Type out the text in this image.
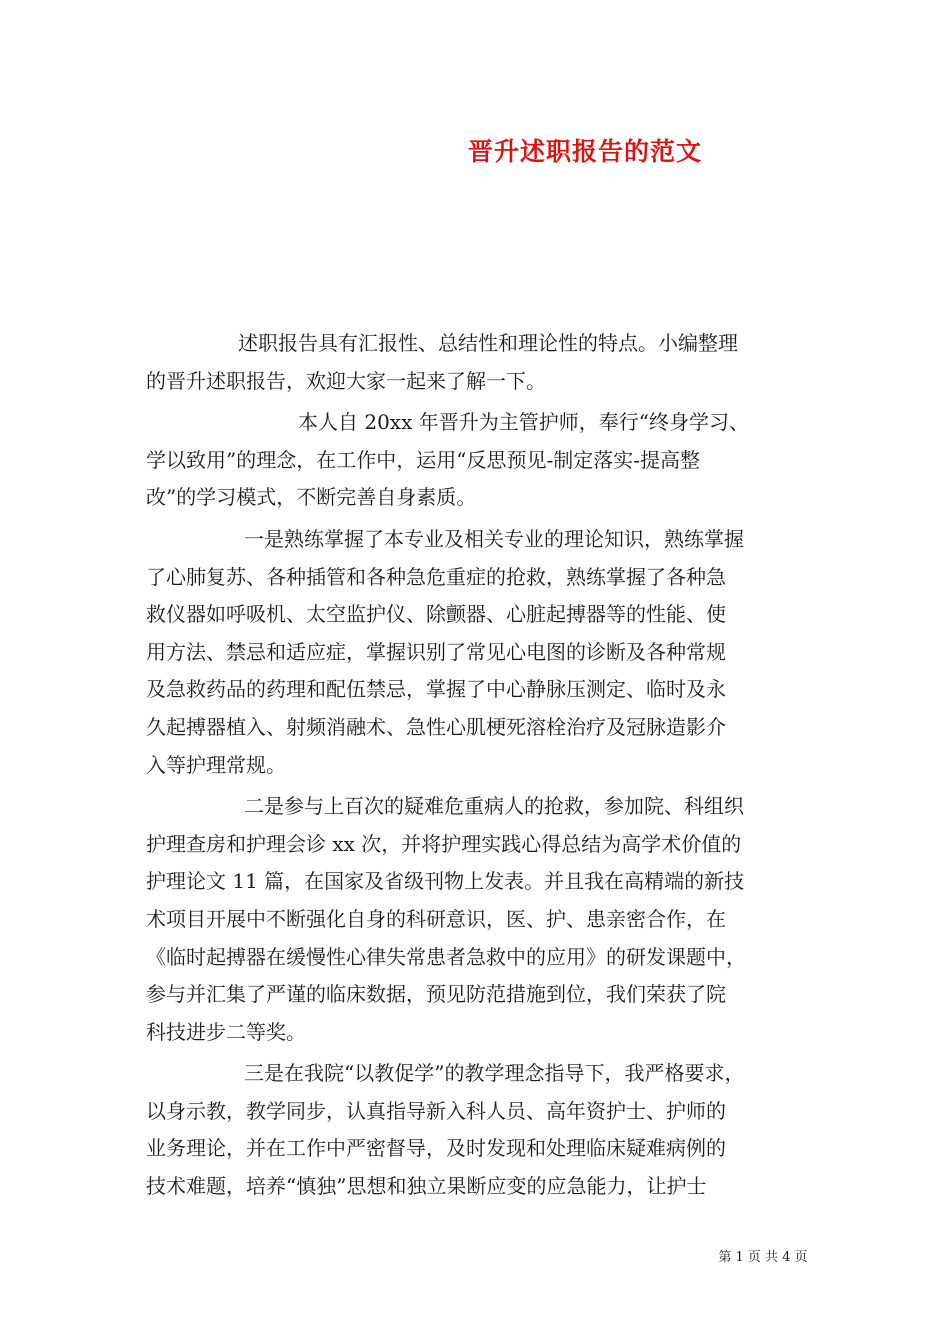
晋升述职报告的范文
述职报告具有汇报性、总结性和理论性的特点。小编整理
的晋升述职报告，欢迎大家一起来了解一下。
本人自 20xx 年晋升为主管护师，奉行“终身学习、
学以致用”的理念，在工作中，运用“反思预见-制定落实-提高整
改”的学习模式，不断完善自身素质。
一是熟练掌握了本专业及相关专业的理论知识，熟练掌握
了心肺复苏、各种插管和各种急危重症的抢救，熟练掌握了各种急
救仪器如呼吸机、太空监护仪、除颤器、心脏起搏器等的性能、使
用方法、禁忌和适应症，掌握识别了常见心电图的诊断及各种常规
及急救药品的药理和配伍禁忌，掌握了中心静脉压测定、临时及永
久起搏器植入、射频消融术、急性心肌梗死溶栓治疗及冠脉造影介
入等护理常规。
二是参与上百次的疑难危重病人的抢救，参加院、科组织
护理查房和护理会诊 xx 次，并将护理实践心得总结为高学术价值的
护理论文 11 篇，在国家及省级刊物上发表。并且我在高精端的新技
术项目开展中不断强化自身的科研意识，医、护、患亲密合作，在
《临时起搏器在缓慢性心律失常患者急救中的应用》的研发课题中，
参与并汇集了严谨的临床数据，预见防范措施到位，我们荣获了院
科技进步二等奖。
三是在我院“以教促学”的教学理念指导下，我严格要求，
以身示教，教学同步，认真指导新入科人员、高年资护士、护师的
业务理论，并在工作中严密督导，及时发现和处理临床疑难病例的
技术难题，培养“慎独”思想和独立果断应变的应急能力，让护士
第 1 页 共 4 页
